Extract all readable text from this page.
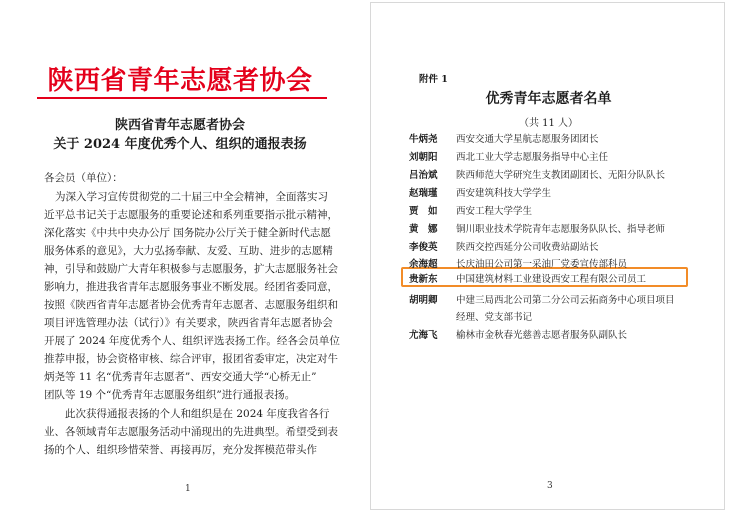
陕西省青年志愿者协会
陕西省青年志愿者协会
关于 2024 年度优秀个人、组织的通报表扬
各会员（单位）：
为深入学习宣传贯彻党的二十届三中全会精神，全面落实习
近平总书记关于志愿服务的重要论述和系列重要指示批示精神，
深化落实《中共中央办公厅 国务院办公厅关于健全新时代志愿
服务体系的意见》，大力弘扬奉献、友爱、互助、进步的志愿精
神，引导和鼓励广大青年积极参与志愿服务，扩大志愿服务社会
影响力，推进我省青年志愿服务事业不断发展。经团省委同意，
按照《陕西省青年志愿者协会优秀青年志愿者、志愿服务组织和
项目评选管理办法（试行）》有关要求，陕西省青年志愿者协会
开展了 2024 年度优秀个人、组织评选表扬工作。经各会员单位
推荐申报，协会资格审核、综合评审，报团省委审定，决定对牛
炳尧等 11 名“优秀青年志愿者”、西安交通大学“心桥无止”
团队等 19 个“优秀青年志愿服务组织”进行通报表扬。
此次获得通报表扬的个人和组织是在 2024 年度我省各行
业、各领域青年志愿服务活动中涌现出的先进典型。希望受到表
扬的个人、组织珍惜荣誉、再接再厉，充分发挥模范带头作
1
附件 1
优秀青年志愿者名单
（共 11 人）
牛炳尧 西安交通大学星航志愿服务团团长
刘朝阳 西北工业大学志愿服务指导中心主任
吕治斌 陕西师范大学研究生支教团副团长、无阳分队队长
赵瑞瑾 西安建筑科技大学学生
贾　如 西安工程大学学生
黄　娜 铜川职业技术学院青年志愿服务队队长、指导老师
李俊英 陕西交控西延分公司收费站副站长
余海超 长庆油田公司第一采油厂党委宣传部科员
贵新东 中国建筑材料工业建设西安工程有限公司员工
胡明卿 中建三局西北公司第二分公司云拓商务中心项目项目
经理、党支部书记
尤海飞 榆林市金秋春光慈善志愿者服务队副队长
3
